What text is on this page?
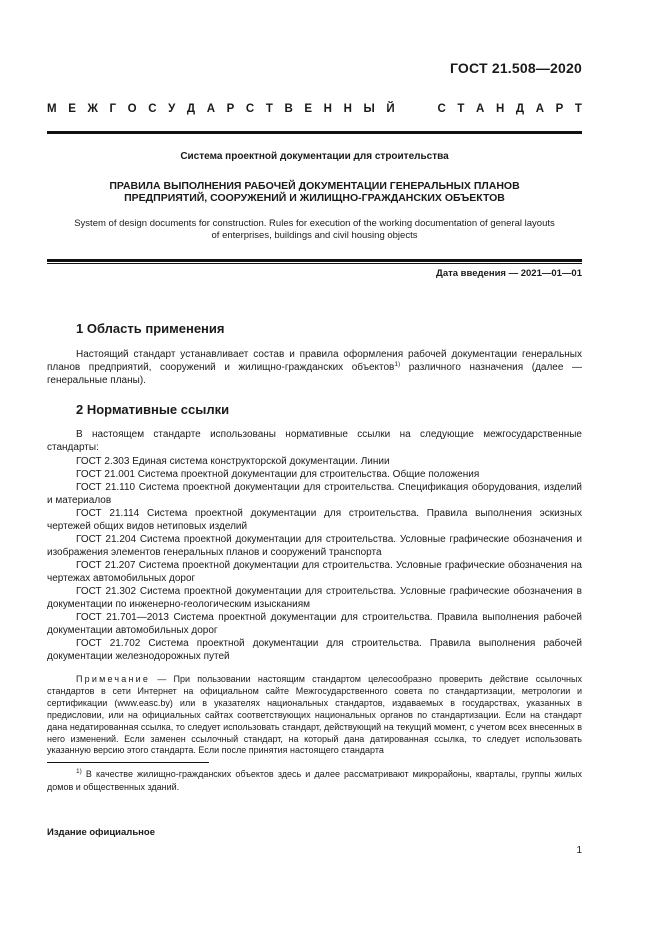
ГОСТ 21.508—2020
М Е Ж Г О С У Д А Р С Т В Е Н Н Ы Й	С Т А Н Д А Р Т
Система проектной документации для строительства
ПРАВИЛА ВЫПОЛНЕНИЯ РАБОЧЕЙ ДОКУМЕНТАЦИИ ГЕНЕРАЛЬНЫХ ПЛАНОВ
ПРЕДПРИЯТИЙ, СООРУЖЕНИЙ И ЖИЛИЩНО-ГРАЖДАНСКИХ ОБЪЕКТОВ
System of design documents for construction. Rules for execution of the working documentation of general layouts
of enterprises, buildings and civil housing objects
Дата введения — 2021—01—01
1 Область применения

Настоящий стандарт устанавливает состав и правила оформления рабочей документации генеральных планов предприятий, сооружений и жилищно-гражданских объектов$^{1)}$ различного назначения (далее — генеральные планы).

2 Нормативные ссылки

В настоящем стандарте использованы нормативные ссылки на следующие межгосударственные стандарты:

ГОСТ 2.303 Единая система конструкторской документации. Линии

ГОСТ 21.001 Система проектной документации для строительства. Общие положения

ГОСТ 21.110 Система проектной документации для строительства. Спецификация оборудования, изделий и материалов

ГОСТ 21.114 Система проектной документации для строительства. Правила выполнения эскизных чертежей общих видов нетиповых изделий

ГОСТ 21.204 Система проектной документации для строительства. Условные графические обозначения и изображения элементов генеральных планов и сооружений транспорта

ГОСТ 21.207 Система проектной документации для строительства. Условные графические обозначения на чертежах автомобильных дорог

ГОСТ 21.302 Система проектной документации для строительства. Условные графические обозначения в документации по инженерно-геологическим изысканиям

ГОСТ 21.701—2013 Система проектной документации для строительства. Правила выполнения рабочей документации автомобильных дорог

ГОСТ 21.702 Система проектной документации для строительства. Правила выполнения рабочей документации железнодорожных путей

Примечание — При пользовании настоящим стандартом целесообразно проверить действие ссылочных стандартов в сети Интернет на официальном сайте Межгосударственного совета по стандартизации, метрологии и сертификации (www.easc.by) или в указателях национальных стандартов, издаваемых в государствах, указанных в предисловии, или на официальных сайтах соответствующих национальных органов по стандартизации. Если на стандарт дана недатированная ссылка, то следует использовать стандарт, действующий на текущий момент, с учетом всех внесенных в него изменений. Если заменен ссылочный стандарт, на который дана датированная ссылка, то следует использовать указанную версию этого стандарта. Если после принятия настоящего стандарта

$^{1)}$ В качестве жилищно-гражданских объектов здесь и далее рассматривают микрорайоны, кварталы, группы жилых домов и общественных зданий.

Издание официальное
1
